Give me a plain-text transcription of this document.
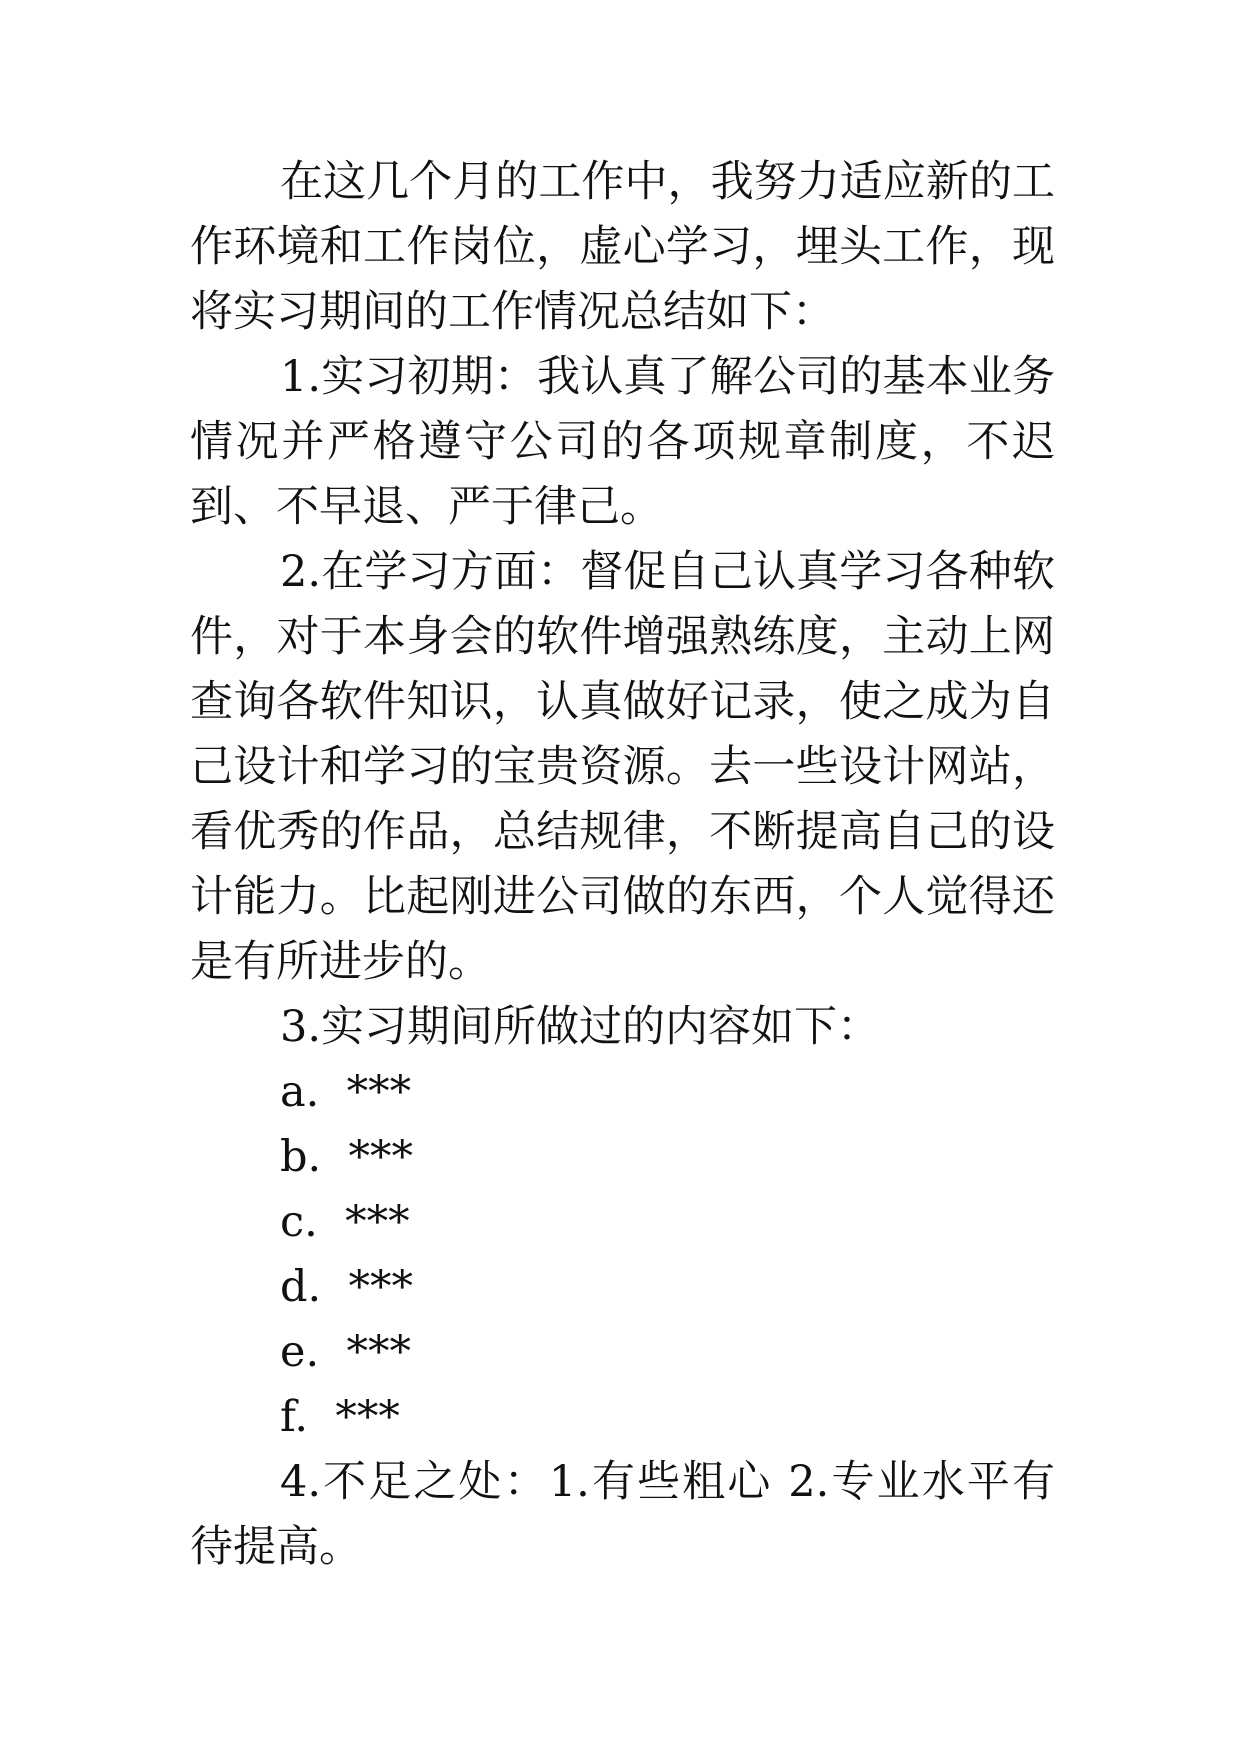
在这几个月的工作中，我努力适应新的工作环境和工作岗位，虚心学习，埋头工作，现将实习期间的工作情况总结如下：

1.实习初期：我认真了解公司的基本业务情况并严格遵守公司的各项规章制度，不迟到、不早退、严于律己。

2.在学习方面：督促自己认真学习各种软件，对于本身会的软件增强熟练度，主动上网查询各软件知识，认真做好记录，使之成为自己设计和学习的宝贵资源。去一些设计网站，看优秀的作品，总结规律，不断提高自己的设计能力。比起刚进公司做的东西，个人觉得还是有所进步的。

3.实习期间所做过的内容如下：

a.  ***

b.  ***

c.  ***

d.  ***

e.  ***

f.  ***

4.不足之处：1.有些粗心 2.专业水平有待提高。
